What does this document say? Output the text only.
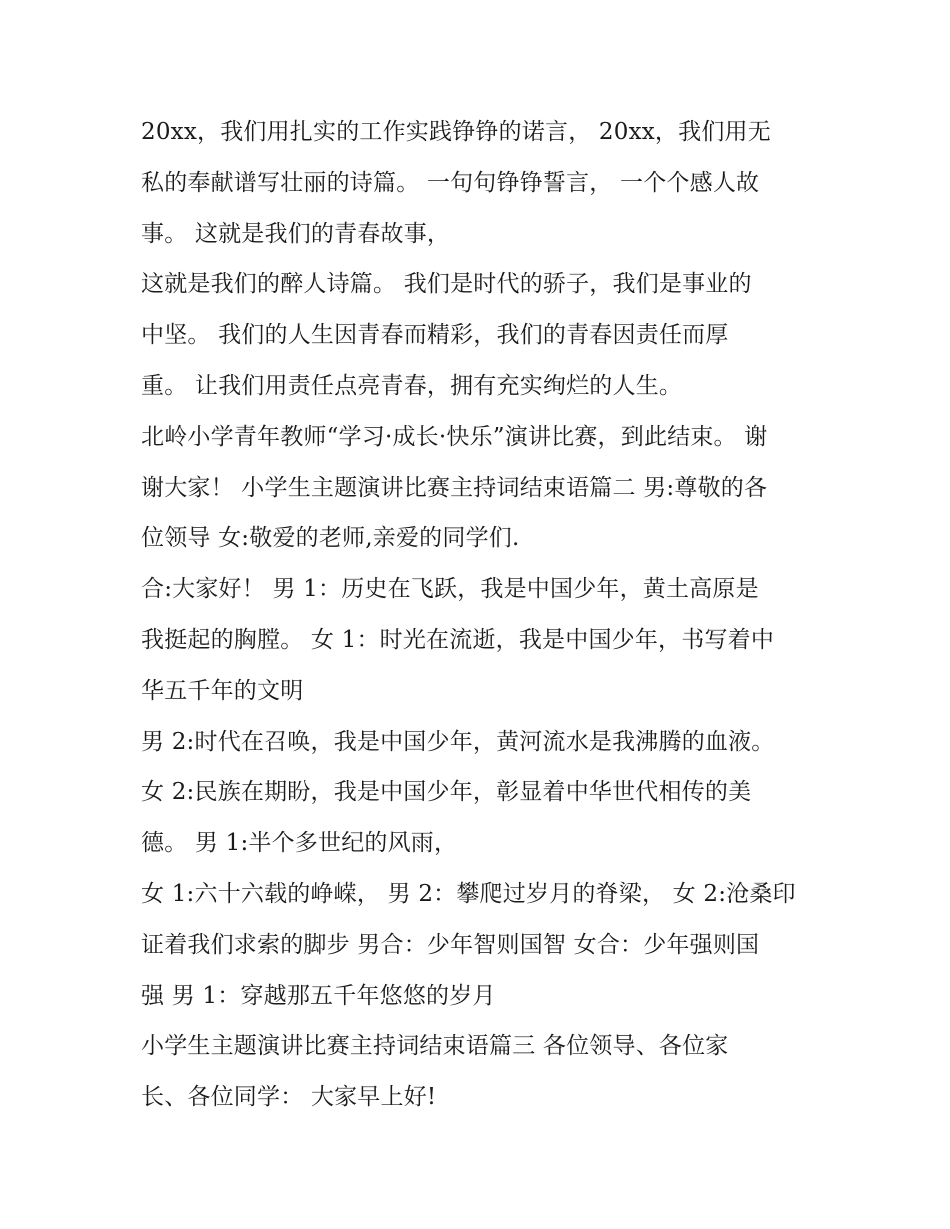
20xx，我们用扎实的工作实践铮铮的诺言， 20xx，我们用无
私的奉献谱写壮丽的诗篇。 一句句铮铮誓言， 一个个感人故
事。 这就是我们的青春故事，
这就是我们的醉人诗篇。 我们是时代的骄子，我们是事业的
中坚。 我们的人生因青春而精彩，我们的青春因责任而厚
重。 让我们用责任点亮青春，拥有充实绚烂的人生。
北岭小学青年教师“学习·成长·快乐”演讲比赛，到此结束。 谢
谢大家！ 小学生主题演讲比赛主持词结束语篇二 男:尊敬的各
位领导 女:敬爱的老师,亲爱的同学们.
合:大家好！ 男 1：历史在飞跃，我是中国少年，黄土高原是
我挺起的胸膛。 女 1：时光在流逝，我是中国少年，书写着中
华五千年的文明
男 2:时代在召唤，我是中国少年，黄河流水是我沸腾的血液。
女 2:民族在期盼，我是中国少年，彰显着中华世代相传的美
德。 男 1:半个多世纪的风雨，
女 1:六十六载的峥嵘， 男 2：攀爬过岁月的脊梁， 女 2:沧桑印
证着我们求索的脚步 男合：少年智则国智 女合：少年强则国
强 男 1：穿越那五千年悠悠的岁月
小学生主题演讲比赛主持词结束语篇三 各位领导、各位家
长、各位同学： 大家早上好!
